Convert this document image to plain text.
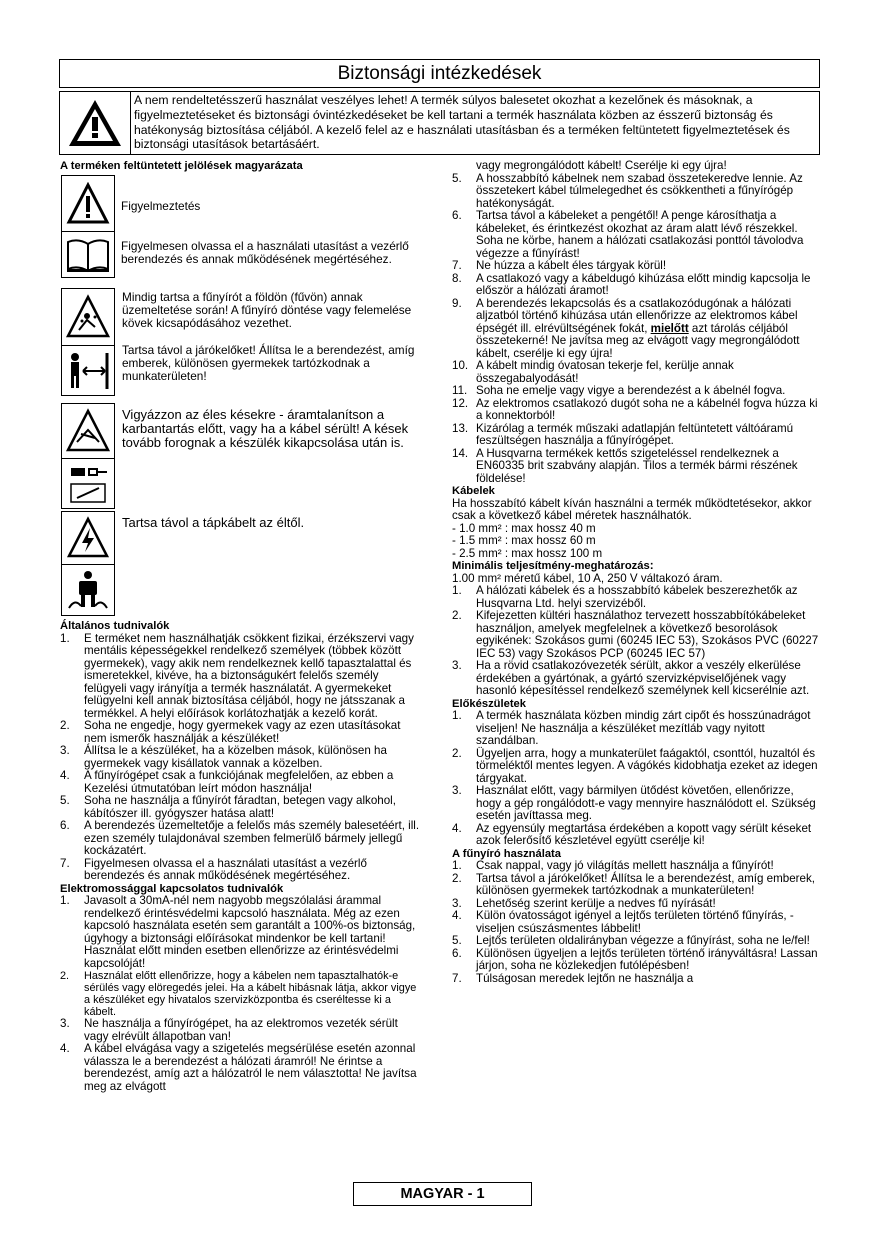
Biztonsági intézkedések
A nem rendeltetésszerű használat veszélyes lehet! A termék súlyos balesetet okozhat a kezelőnek és másoknak, a figyelmeztetéseket és biztonsági óvintézkedéseket be kell tartani a termék használata közben az ésszerű biztonság és hatékonyság biztosítása céljából. A kezelő felel az e használati utasításban és a terméken feltüntetett figyelmeztetések és biztonsági utasítások betartásáért.

A terméken feltüntetett jelölések magyarázata

Figyelmeztetés
Figyelmesen olvassa el a használati utasítást a vezérlő berendezés és annak működésének megértéséhez.
Mindig tartsa a fűnyírót a földön (fűvön) annak üzemeltetése során! A fűnyíró döntése vagy felemelése kövek kicsapódásához vezethet.
Tartsa távol a járókelőket! Állítsa le a berendezést, amíg emberek, különösen gyermekek tartózkodnak a munkaterületen!
Vigyázzon az éles késekre - áramtalanítson a karbantartás előtt, vagy ha a kábel sérült! A kések tovább forognak a készülék kikapcsolása után is.
Tartsa távol a tápkábelt az éltől.

Általános tudnivalók

1.	E terméket nem használhatják csökkent fizikai, érzékszervi vagy mentális képességekkel rendelkező személyek (többek között gyermekek), vagy akik nem rendelkeznek kellő tapasztalattal és ismeretekkel, kivéve, ha a biztonságukért felelős személy felügyeli vagy irányítja a termék használatát. A gyermekeket felügyelni kell annak biztosítása céljából, hogy ne játsszanak a termékkel. A helyi előírások korlátozhatják a kezelő korát.
2.	Soha ne engedje, hogy gyermekek vagy az ezen utasításokat nem ismerők használják a készüléket!
3.	Állítsa le a készüléket, ha a közelben mások, különösen ha gyermekek vagy kisállatok vannak a közelben.
4.	A fűnyírógépet csak a funkciójának megfelelően, az ebben a Kezelési útmutatóban leírt módon használja!
5.	Soha ne használja a fűnyírót fáradtan, betegen vagy alkohol, kábítószer ill. gyógyszer hatása alatt!
6.	A berendezés üzemeltetője a felelős más személy balesetéért, ill. ezen személy tulajdonával szemben felmerülő bármely jellegű kockázatért.
7.	Figyelmesen olvassa el a használati utasítást a vezérlő berendezés és annak működésének megértéséhez.

Elektromossággal kapcsolatos tudnivalók

1.	Javasolt a 30mA-nél nem nagyobb megszólalási árammal rendelkező érintésvédelmi kapcsoló használata. Még az ezen kapcsoló használata esetén sem garantált a 100%-os biztonság, úgyhogy a biztonsági előírásokat mindenkor be kell tartani! Használat előtt minden esetben ellenőrizze az érintésvédelmi kapcsolóját!
2.	Használat előtt ellenőrizze, hogy a kábelen nem tapasztalhatók-e sérülés vagy elöregedés jelei. Ha a kábelt hibásnak látja, akkor vigye a készüléket egy hivatalos szervizközpontba és cseréltesse ki a kábelt.
3.	Ne használja a fűnyírógépet, ha az elektromos vezeték sérült vagy elrévült állapotban van!
4.	A kábel elvágása vagy a szigetelés megsérülése esetén azonnal válassza le a berendezést a hálózati áramról! Ne érintse a berendezést, amíg azt a hálózatról le nem választotta! Ne javítsa meg az elvágott

vagy megrongálódott kábelt! Cserélje ki egy újra!

5.	A hosszabbító kábelnek nem szabad összetekeredve lennie. Az összetekert kábel túlmelegedhet és csökkentheti a fűnyírógép hatékonyságát.
6.	Tartsa távol a kábeleket a pengétől! A penge károsíthatja a kábeleket, és érintkezést okozhat az áram alatt lévő részekkel. Soha ne körbe, hanem a hálózati csatlakozási ponttól távolodva végezze a fűnyírást!
7.	Ne húzza a kábelt éles tárgyak körül!
8.	A csatlakozó vagy a kábeldugó kihúzása előtt mindig kapcsolja le először a hálózati áramot!
9.	A berendezés lekapcsolás és a csatlakozódugónak a hálózati aljzatból történő kihúzása után ellenőrizze az elektromos kábel épségét ill. elrévültségének fokát, mielőtt azt tárolás céljából összetekerné! Ne javítsa meg az elvágott vagy megrongálódott kábelt, cserélje ki egy újra!
10. A kábelt mindig óvatosan tekerje fel, kerülje annak összegabalyodását!
11. Soha ne emelje vagy vigye a berendezést a k ábelnél fogva.
12. Az elektromos csatlakozó dugót soha ne a kábelnél fogva húzza ki a konnektorból!
13. Kizárólag a termék műszaki adatlapján feltüntetett váltóáramú feszültségen használja a fűnyírógépet.
14. A Husqvarna termékek kettős szigeteléssel rendelkeznek a EN60335 brit szabvány alapján. Tilos a termék bármi részének földelése!

Kábelek

Ha hosszabító kábelt kíván használni a termék működtetésekor, akkor csak a következő kábel méretek használhatók.

- 1.0 mm² : max hossz 40 m

- 1.5 mm² : max hossz 60 m

- 2.5 mm² : max hossz 100 m

Minimális teljesítmény-meghatározás:

1.00 mm² méretű kábel, 10 A, 250 V váltakozó áram.

1.	A hálózati kábelek és a hosszabbító kábelek beszerezhetők az Husqvarna Ltd. helyi szervizéből.
2.	Kifejezetten kültéri használathoz tervezett hosszabbítókábeleket használjon, amelyek megfelelnek a következő besorolások egyikének: Szokásos gumi (60245 IEC 53), Szokásos PVC (60227 IEC 53) vagy Szokásos PCP (60245 IEC 57)
3.	Ha a rövid csatlakozóvezeték sérült, akkor a veszély elkerülése érdekében a gyártónak, a gyártó szervizképviselőjének vagy hasonló képesítéssel rendelkező személynek kell kicserélnie azt.

Előkészületek

1.	A termék használata közben mindig zárt cipőt és hosszúnadrágot viseljen! Ne használja a készüléket mezítláb vagy nyitott szandálban.
2.	Ügyeljen arra, hogy a munkaterület faágaktól, csonttól, huzaltól és törmeléktől mentes legyen. A vágókés kidobhatja ezeket az idegen tárgyakat.
3.	Használat előtt, vagy bármilyen ütődést követően, ellenőrizze, hogy a gép rongálódott-e vagy mennyire használódott el. Szükség esetén javíttassa meg.
4.	Az egyensúly megtartása érdekében a kopott vagy sérült késeket azok felerősítő készletével együtt cserélje ki!

A fűnyíró használata

1.	Csak nappal, vagy jó világítás mellett használja a fűnyírót!
2.	Tartsa távol a járókelőket! Állítsa le a berendezést, amíg emberek, különösen gyermekek tartózkodnak a munkaterületen!
3.	Lehetőség szerint kerülje a nedves fű nyírását!
4.	Külön óvatosságot igényel a lejtős területen történő fűnyírás, - viseljen csúszásmentes lábbelit!
5.	Lejtős területen oldalirányban végezze a fűnyírást, soha ne le/fel!
6.	Különösen ügyeljen a lejtős területen történő irányváltásra! Lassan járjon, soha ne közlekedjen futólépésben!
7.	Túlságosan meredek lejtőn ne használja a
MAGYAR - 1
